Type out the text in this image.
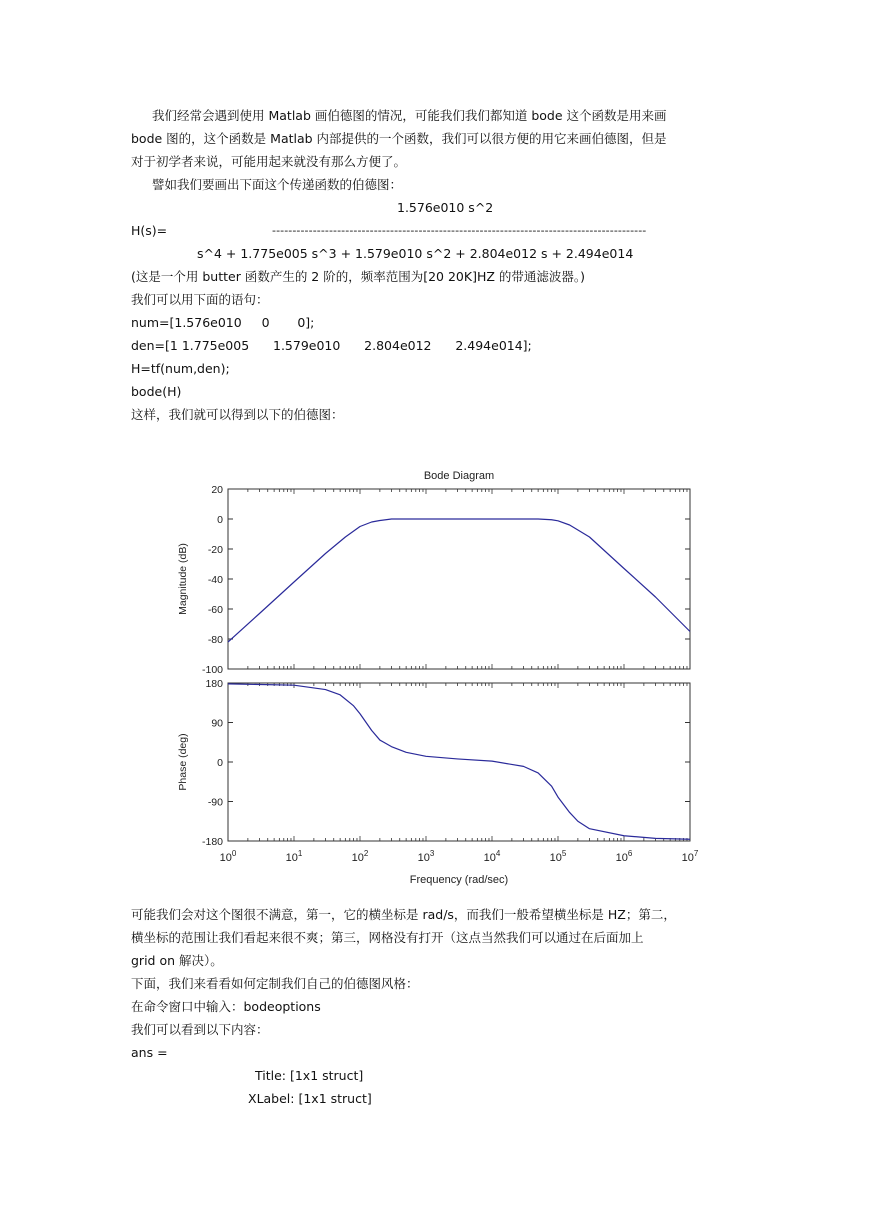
我们经常会遇到使用 Matlab 画伯德图的情况，可能我们我们都知道 bode 这个函数是用来画
bode 图的，这个函数是 Matlab 内部提供的一个函数，我们可以很方便的用它来画伯德图，但是
对于初学者来说，可能用起来就没有那么方便了。
譬如我们要画出下面这个传递函数的伯德图：
1.576e010 s^2
H(s)=	--------------------------------------------------------------------------------------------
s^4 + 1.775e005 s^3 + 1.579e010 s^2 + 2.804e012 s + 2.494e014
(这是一个用 butter 函数产生的 2 阶的，频率范围为[20 20K]HZ 的带通滤波器。)
我们可以用下面的语句：
num=[1.576e010     0       0];
den=[1 1.775e005      1.579e010      2.804e012      2.494e014];
H=tf(num,den);
bode(H)
这样，我们就可以得到以下的伯德图：
Bode Diagram
20
0
-20
-40
-60
-80
-100
Magnitude (dB)
180
90
0
-90
-180
Phase (deg)
$10^0$	$10^1$	$10^2$	$10^3$	$10^4$	$10^5$	$10^6$	$10^7$
Frequency (rad/sec)
可能我们会对这个图很不满意，第一，它的横坐标是 rad/s，而我们一般希望横坐标是 HZ；第二，
横坐标的范围让我们看起来很不爽；第三，网格没有打开（这点当然我们可以通过在后面加上
grid on 解决）。
下面，我们来看看如何定制我们自己的伯德图风格：
在命令窗口中输入：bodeoptions
我们可以看到以下内容：
ans =
Title: [1x1 struct]
XLabel: [1x1 struct]
